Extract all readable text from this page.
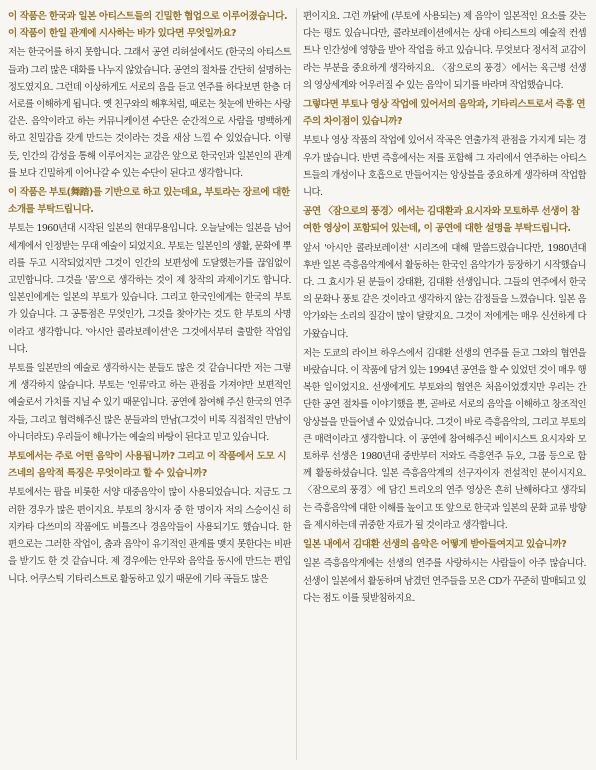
이 작품은 한국과 일본 아티스트들의 긴밀한 협업으로 이루어졌습니다. 이 작품이 한일 관계에 시사하는 바가 있다면 무엇일까요?

저는 한국어를 하지 못합니다. 그래서 공연 리허설에서도 (한국의 아티스트들과) 그리 많은 대화를 나누지 않았습니다. 공연의 절차를 간단히 설명하는 정도였지요. 그런데 이상하게도 서로의 음을 듣고 연주를 하다보면 한층 더 서로를 이해하게 됩니다. 옛 친구와의 해후처럼, 때로는 첫눈에 반하는 사랑같은. 음악이라고 하는 커뮤니케이션 수단은 순간적으로 사람을 명백하게 하고 친밀감을 갖게 만드는 것이라는 것을 새삼 느낄 수 있었습니다. 이렇듯, 인간의 감성을 통해 이루어지는 교감은 앞으로 한국인과 일본인의 관계를 보다 긴밀하게 이어나갈 수 있는 수단이 된다고 생각합니다.

이 작품은 부토(舞踏)를 기반으로 하고 있는데요, 부토라는 장르에 대한 소개를 부탁드립니다.

부토는 1960년대 시작된 일본의 현대무용입니다. 오늘날에는 일본을 넘어 세계에서 인정받는 무대 예술이 되었지요. 부토는 일본인의 생활, 문화에 뿌리를 두고 시작되었지만 그것이 인간의 보편성에 도달했는가를 끊임없이 고민합니다. 그것을 '몸'으로 생각하는 것이 제 창작의 과제이기도 합니다. 일본인에게는 일본의 부토가 있습니다. 그리고 한국인에게는 한국의 부토가 있습니다. 그 공통점은 무엇인가, 그것을 찾아가는 것도 한 부토의 사명이라고 생각합니다. '아시안 콜라보레이션'은 그것에서부터 출발한 작업입니다.

부토를 일본만의 예술로 생각하시는 분들도 많은 것 같습니다만 저는 그렇게 생각하지 않습니다. 부토는 '인류'라고 하는 관점을 가져야만 보편적인 예술로서 가치를 지닐 수 있기 때문입니다. 공연에 참여해 주신 한국의 연주자들, 그리고 협력해주신 많은 분들과의 만남(그것이 비록 직접적인 만남이 아니더라도) 우리들이 해나가는 예술의 바탕이 된다고 믿고 있습니다.

부토에서는 주로 어떤 음악이 사용됩니까? 그리고 이 작품에서 도모 시즈네의 음악적 특징은 무엇이라고 할 수 있습니까?

부토에서는 팝을 비롯한 서양 대중음악이 많이 사용되었습니다. 지금도 그러한 경우가 많은 편이지요. 부토의 창시자 중 한 명이자 저의 스승이신 히지카타 다쓰미의 작품에도 비틀즈나 경음악들이 사용되기도 했습니다. 한편으로는 그러한 작업이, 춤과 음악이 유기적인 관계를 맺지 못한다는 비판을 받기도 한 것 같습니다. 제 경우에는 안무와 음악을 동시에 만드는 편입니다. 어쿠스틱 기타리스트로 활동하고 있기 때문에 기타 곡들도 많은

편이지요. 그런 까닭에 (부토에 사용되는) 제 음악이 일본적인 요소를 갖는다는 평도 있습니다만, 콜라보레이션에서는 상대 아티스트의 예술적 컨셉트나 인간성에 영향을 받아 작업을 하고 있습니다. 무엇보다 정서적 교감이라는 부분을 중요하게 생각하지요. 〈잠으로의 풍경〉에서는 육근병 선생의 영상세계와 어우러질 수 있는 음악이 되기를 바라며 작업했습니다.

그렇다면 부토나 영상 작업에 있어서의 음악과, 기타리스트로서 즉흥 연주의 차이점이 있습니까?

부토나 영상 작품의 작업에 있어서 작곡은 연출가적 관점을 가지게 되는 경우가 많습니다. 반면 즉흥에서는 저를 포함해 그 자리에서 연주하는 아티스트들의 개성이나 호흡으로 만들어지는 앙상블을 중요하게 생각하며 작업합니다.

공연 〈잠으로의 풍경〉에서는 김대환과 요시자와 모토하루 선생이 참여한 영상이 포함되어 있는데, 이 공연에 대한 설명을 부탁드립니다.

앞서 '아시안 콜라보레이션' 시리즈에 대해 말씀드렸습니다만, 1980년대 후반 일본 즉흥음악계에서 활동하는 한국인 음악가가 등장하기 시작했습니다. 그 효시가 된 분들이 강태환, 김대환 선생입니다. 그들의 연주에서 한국의 문화나 풍토 같은 것이라고 생각하지 않는 감정들을 느꼈습니다. 일본 음악가와는 소리의 질감이 많이 달랐지요. 그것이 저에게는 매우 신선하게 다가왔습니다.

저는 도쿄의 라이브 하우스에서 김대환 선생의 연주를 듣고 그와의 협연을 바랐습니다. 이 작품에 담겨 있는 1994년 공연을 할 수 있었던 것이 매우 행복한 일이었지요. 선생에게도 부토와의 협연은 처음이었겠지만 우리는 간단한 공연 절차를 이야기했을 뿐, 곧바로 서로의 음악을 이해하고 창조적인 앙상블을 만들어낼 수 있었습니다. 그것이 바로 즉흥음악의, 그리고 부토의 큰 매력이라고 생각합니다. 이 공연에 참여해주신 베이시스트 요시자와 모토하루 선생은 1980년대 중반부터 저와도 즉흥연주 듀오, 그룹 등으로 함께 활동하셨습니다. 일본 즉흥음악계의 선구자이자 전설적인 분이시지요. 〈잠으로의 풍경〉에 담긴 트리오의 연주 영상은 흔히 난해하다고 생각되는 즉흥음악에 대한 이해를 높이고 또 앞으로 한국과 일본의 문화 교류 방향을 제시하는데 귀중한 자료가 될 것이라고 생각합니다.

일본 내에서 김대환 선생의 음악은 어떻게 받아들여지고 있습니까?

일본 즉흥음악계에는 선생의 연주를 사랑하시는 사람들이 아주 많습니다. 선생이 일본에서 활동하며 남겼던 연주들을 모은 CD가 꾸준히 발매되고 있다는 점도 이를 뒷받침하지요.
